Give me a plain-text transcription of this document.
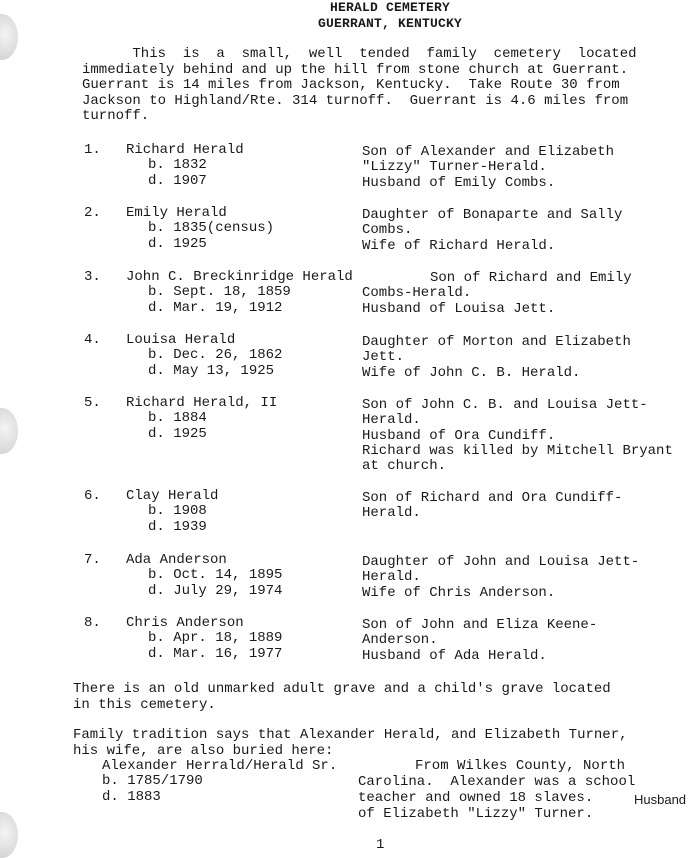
HERALD CEMETERY
GUERRANT, KENTUCKY
This  is  a  small,  well  tended  family  cemetery  located
immediately behind and up the hill from stone church at Guerrant.
Guerrant is 14 miles from Jackson, Kentucky.  Take Route 30 from
Jackson to Highland/Rte. 314 turnoff.  Guerrant is 4.6 miles from
turnoff.
1. Richard Herald
b. 1832
d. 1907
Son of Alexander and Elizabeth
"Lizzy" Turner-Herald.
Husband of Emily Combs.
2. Emily Herald
b. 1835(census)
d. 1925
Daughter of Bonaparte and Sally
Combs.
Wife of Richard Herald.
3. John C. Breckinridge Herald
b. Sept. 18, 1859
d. Mar. 19, 1912
Son of Richard and Emily
Combs-Herald.
Husband of Louisa Jett.
4. Louisa Herald
b. Dec. 26, 1862
d. May 13, 1925
Daughter of Morton and Elizabeth
Jett.
Wife of John C. B. Herald.
5. Richard Herald, II
b. 1884
d. 1925
Son of John C. B. and Louisa Jett-
Herald.
Husband of Ora Cundiff.
Richard was killed by Mitchell Bryant
at church.
6. Clay Herald
b. 1908
d. 1939
Son of Richard and Ora Cundiff-
Herald.
7. Ada Anderson
b. Oct. 14, 1895
d. July 29, 1974
Daughter of John and Louisa Jett-
Herald.
Wife of Chris Anderson.
8. Chris Anderson
b. Apr. 18, 1889
d. Mar. 16, 1977
Son of John and Eliza Keene-
Anderson.
Husband of Ada Herald.
There is an old unmarked adult grave and a child's grave located
in this cemetery.
Family tradition says that Alexander Herald, and Elizabeth Turner,
his wife, are also buried here:
Alexander Herrald/Herald Sr.
b. 1785/1790
d. 1883
From Wilkes County, North
Carolina.  Alexander was a school
teacher and owned 18 slaves.	Husband
of Elizabeth "Lizzy" Turner.
1
